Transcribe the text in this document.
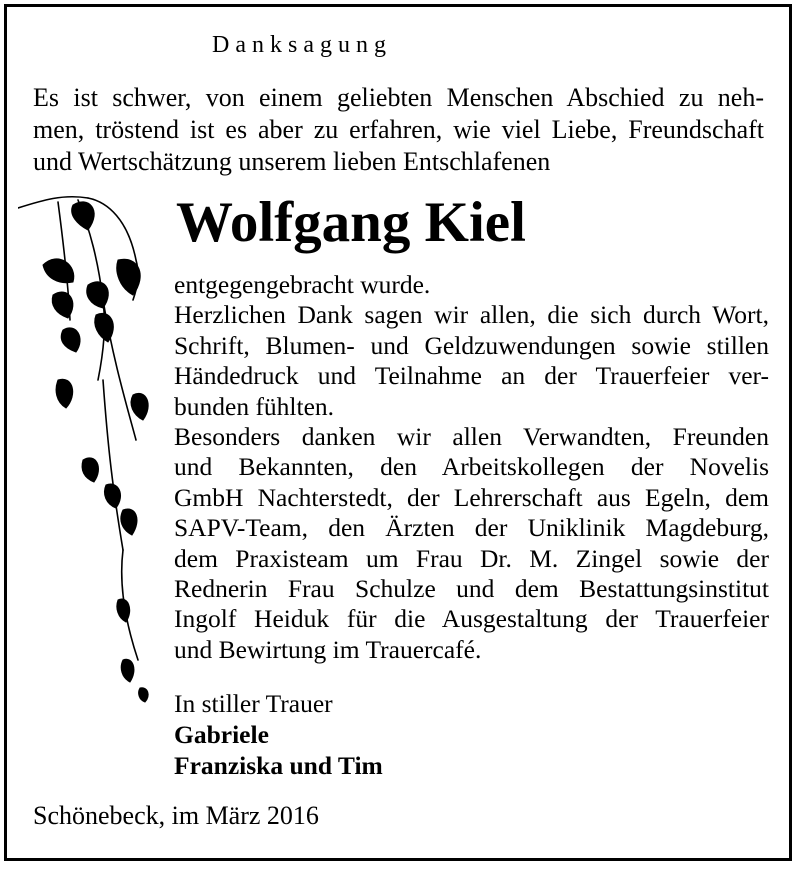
Danksagung
Es ist schwer, von einem geliebten Menschen Abschied zu neh-
men, tröstend ist es aber zu erfahren, wie viel Liebe, Freundschaft
und Wertschätzung unserem lieben Entschlafenen
Wolfgang Kiel
entgegengebracht wurde.
Herzlichen Dank sagen wir allen, die sich durch Wort,
Schrift, Blumen- und Geldzuwendungen sowie stillen
Händedruck und Teilnahme an der Trauerfeier ver-
bunden fühlten.
Besonders danken wir allen Verwandten, Freunden
und Bekannten, den Arbeitskollegen der Novelis
GmbH Nachterstedt, der Lehrerschaft aus Egeln, dem
SAPV-Team, den Ärzten der Uniklinik Magdeburg,
dem Praxisteam um Frau Dr. M. Zingel sowie der
Rednerin Frau Schulze und dem Bestattungsinstitut
Ingolf Heiduk für die Ausgestaltung der Trauerfeier
und Bewirtung im Trauercafé.
In stiller Trauer
Gabriele
Franziska und Tim
Schönebeck, im März 2016
